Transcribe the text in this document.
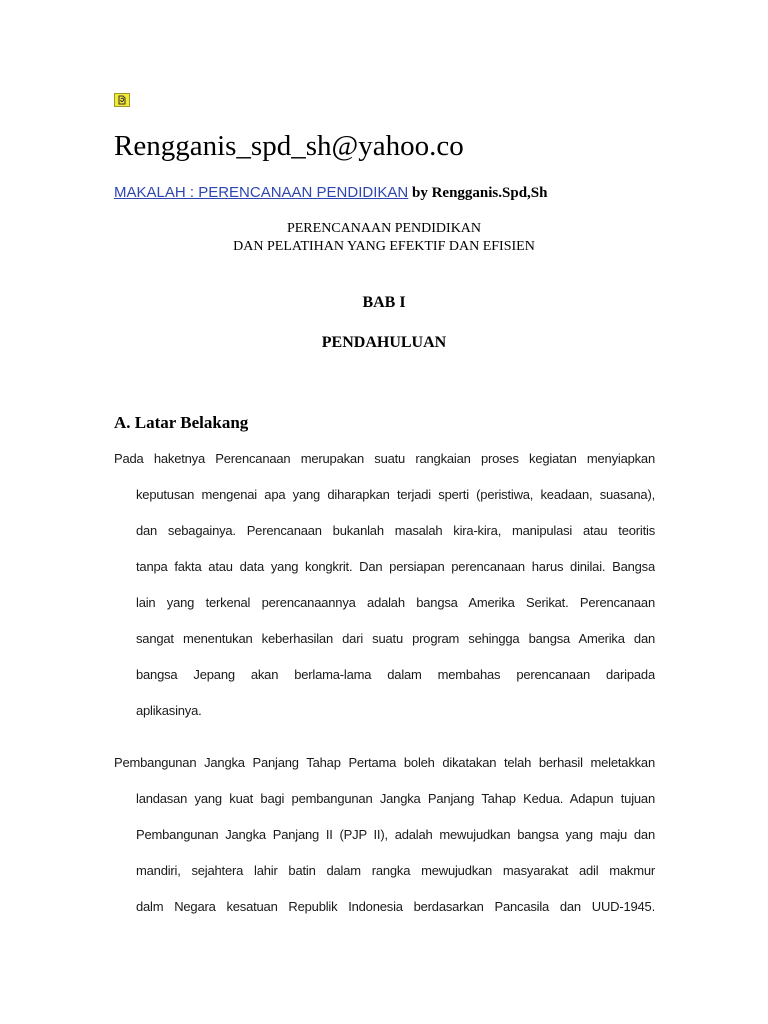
Rengganis_spd_sh@yahoo.co
MAKALAH : PERENCANAAN PENDIDIKAN by Rengganis.Spd,Sh
PERENCANAAN PENDIDIKAN
DAN PELATIHAN YANG EFEKTIF DAN EFISIEN
BAB I
PENDAHULUAN
A. Latar Belakang
Pada haketnya Perencanaan merupakan suatu rangkaian proses kegiatan menyiapkan
keputusan mengenai apa yang diharapkan terjadi sperti (peristiwa, keadaan, suasana),
dan sebagainya. Perencanaan bukanlah masalah kira-kira, manipulasi atau teoritis
tanpa fakta atau data yang kongkrit. Dan persiapan perencanaan harus dinilai. Bangsa
lain yang terkenal perencanaannya adalah bangsa Amerika Serikat. Perencanaan
sangat menentukan keberhasilan dari suatu program sehingga bangsa Amerika dan
bangsa Jepang akan berlama-lama dalam membahas perencanaan daripada
aplikasinya.
Pembangunan Jangka Panjang Tahap Pertama boleh dikatakan telah berhasil meletakkan
landasan yang kuat bagi pembangunan Jangka Panjang Tahap Kedua. Adapun tujuan
Pembangunan Jangka Panjang II (PJP II), adalah mewujudkan bangsa yang maju dan
mandiri, sejahtera lahir batin dalam rangka mewujudkan masyarakat adil makmur
dalm Negara kesatuan Republik Indonesia berdasarkan Pancasila dan UUD-1945.
